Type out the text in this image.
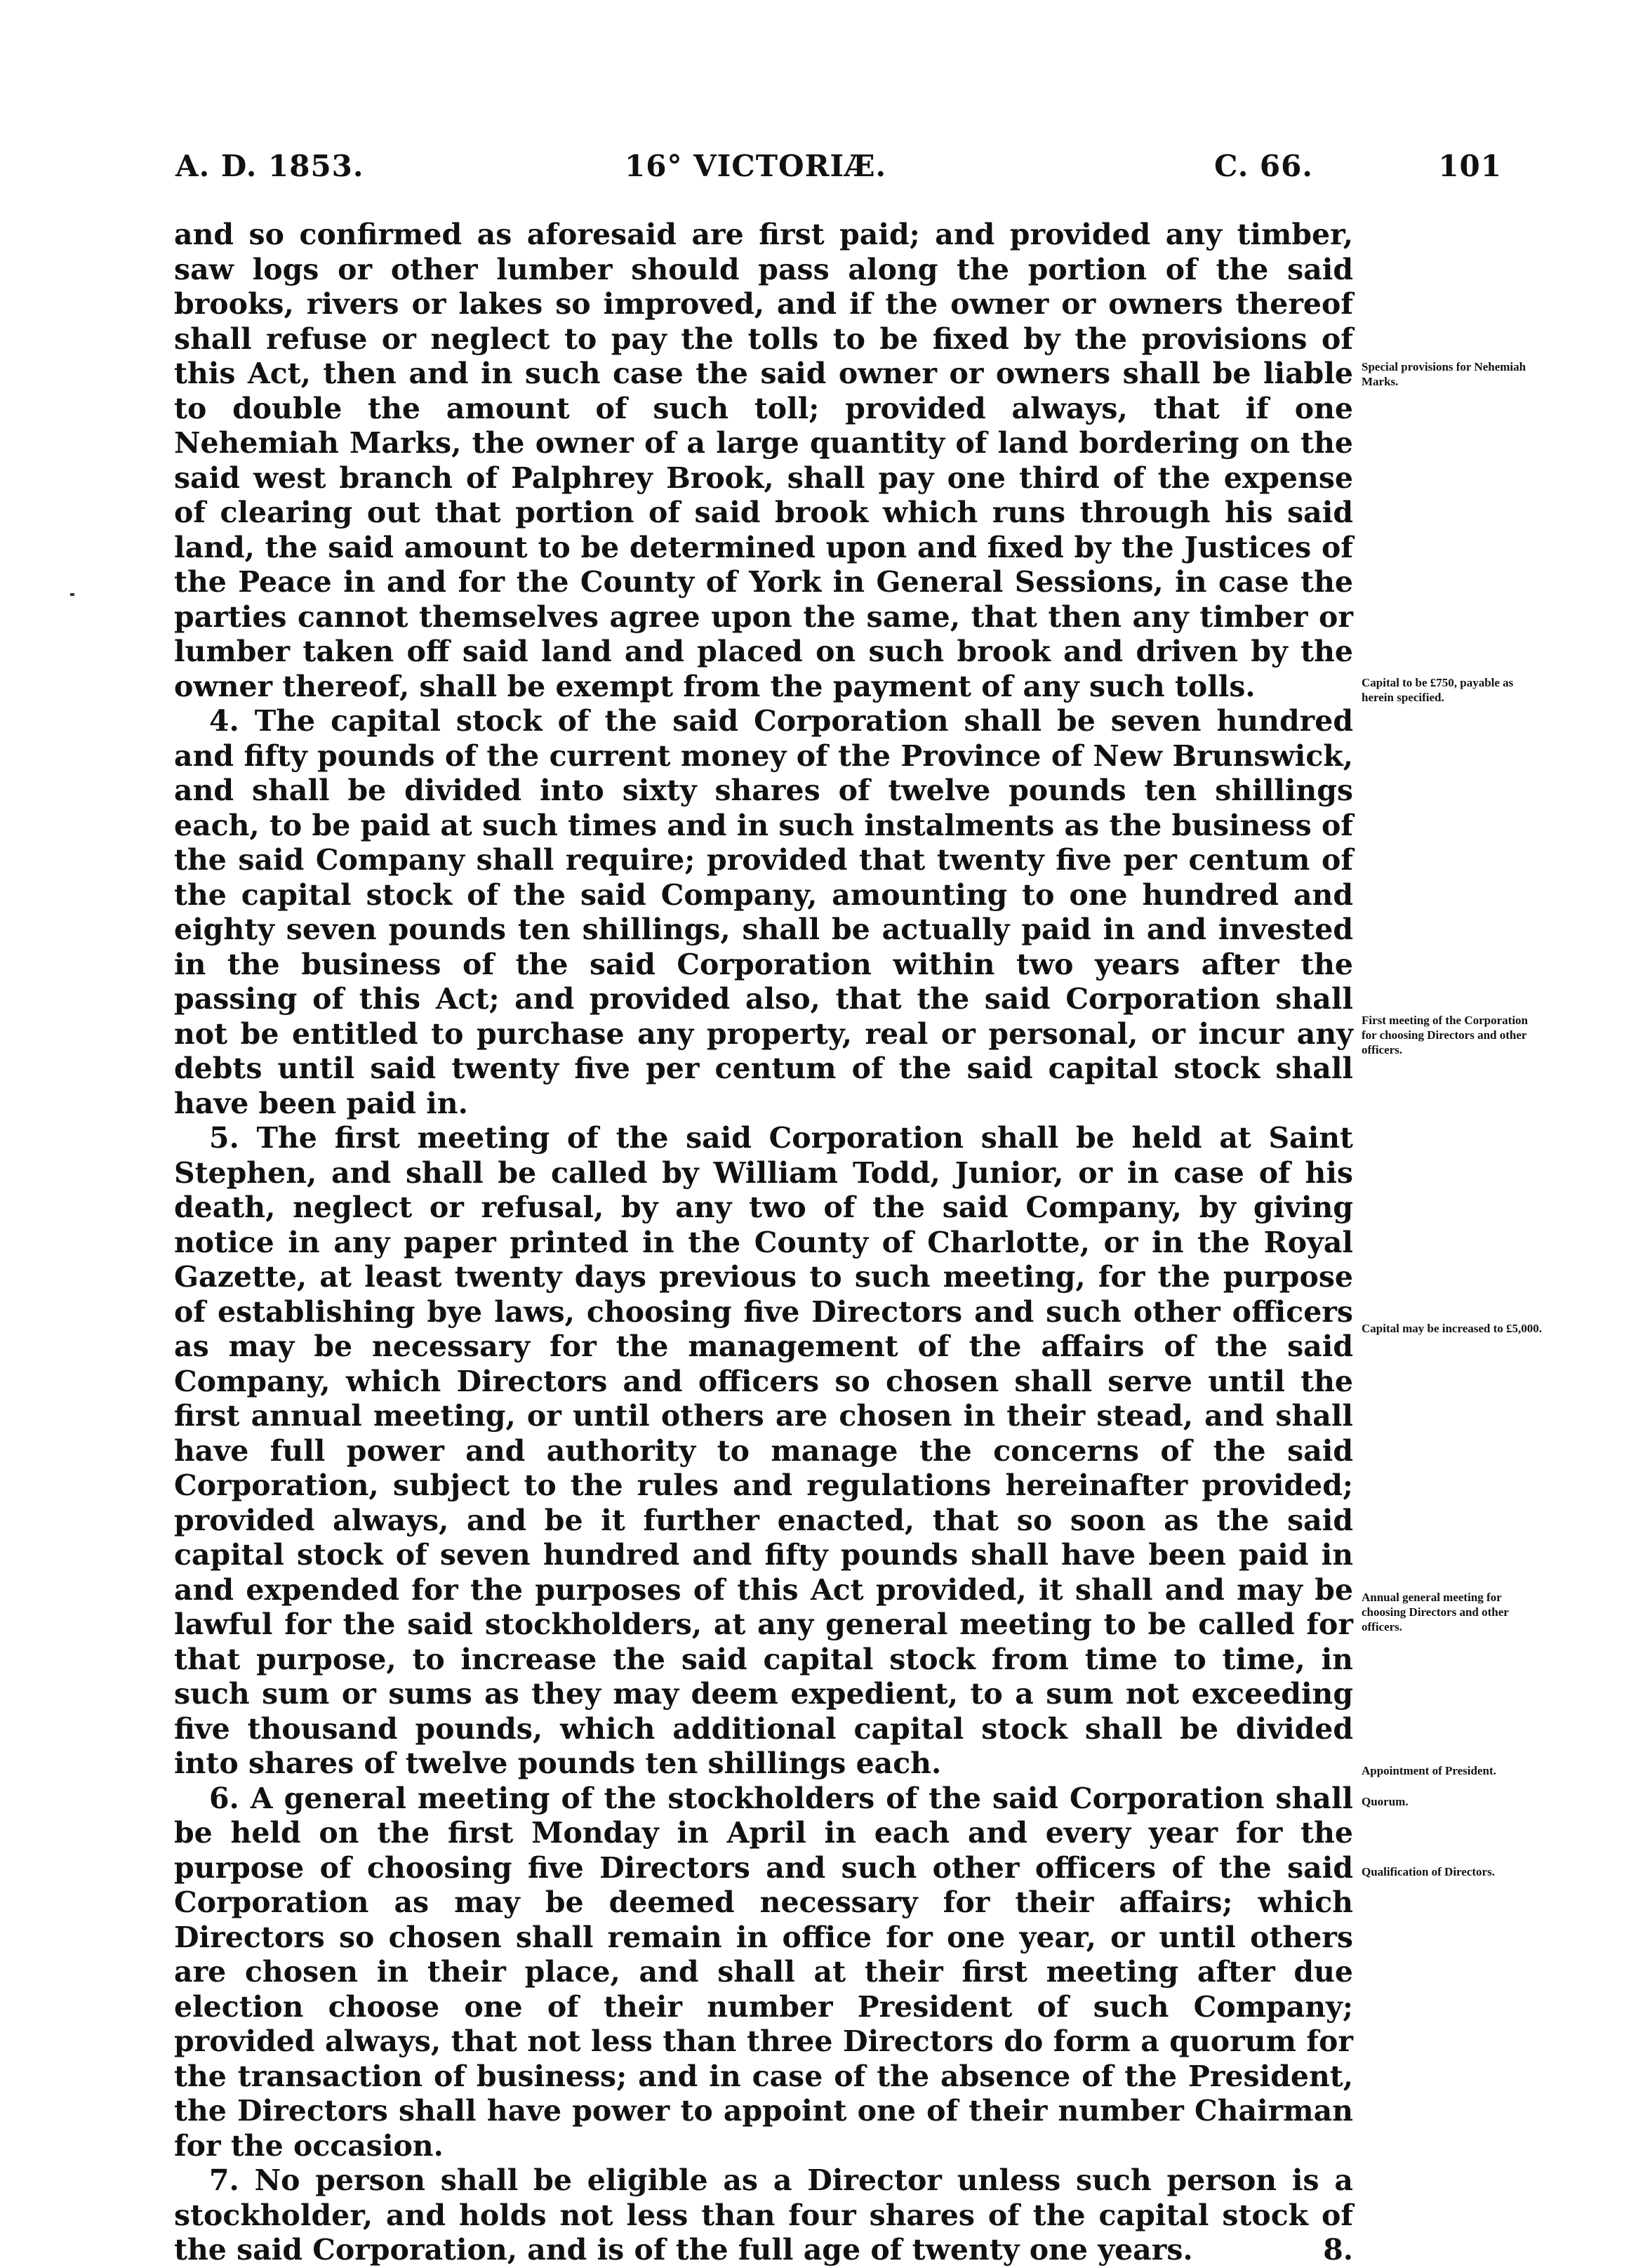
A. D. 1853.	16° VICTORIÆ.	C. 66.	101

and so confirmed as aforesaid are first paid; and provided any timber, saw logs or other lumber should pass along the portion of the said brooks, rivers or lakes so improved, and if the owner or owners thereof shall refuse or neglect to pay the tolls to be fixed by the provisions of this Act, then and in such case the said owner or owners shall be liable to double the amount of such toll; provided always, that if one Nehemiah Marks, the owner of a large quantity of land bordering on the said west branch of Palphrey Brook, shall pay one third of the expense of clearing out that portion of said brook which runs through his said land, the said amount to be determined upon and fixed by the Justices of the Peace in and for the County of York in General Sessions, in case the parties cannot themselves agree upon the same, that then any timber or lumber taken off said land and placed on such brook and driven by the owner thereof, shall be exempt from the payment of any such tolls.

4. The capital stock of the said Corporation shall be seven hundred and fifty pounds of the current money of the Province of New Brunswick, and shall be divided into sixty shares of twelve pounds ten shillings each, to be paid at such times and in such instalments as the business of the said Company shall require; provided that twenty five per centum of the capital stock of the said Company, amounting to one hundred and eighty seven pounds ten shillings, shall be actually paid in and invested in the business of the said Corporation within two years after the passing of this Act; and provided also, that the said Corporation shall not be entitled to purchase any property, real or personal, or incur any debts until said twenty five per centum of the said capital stock shall have been paid in.

5. The first meeting of the said Corporation shall be held at Saint Stephen, and shall be called by William Todd, Junior, or in case of his death, neglect or refusal, by any two of the said Company, by giving notice in any paper printed in the County of Charlotte, or in the Royal Gazette, at least twenty days previous to such meeting, for the purpose of establishing bye laws, choosing five Directors and such other officers as may be necessary for the management of the affairs of the said Company, which Directors and officers so chosen shall serve until the first annual meeting, or until others are chosen in their stead, and shall have full power and authority to manage the concerns of the said Corporation, subject to the rules and regulations hereinafter provided; provided always, and be it further enacted, that so soon as the said capital stock of seven hundred and fifty pounds shall have been paid in and expended for the purposes of this Act provided, it shall and may be lawful for the said stockholders, at any general meeting to be called for that purpose, to increase the said capital stock from time to time, in such sum or sums as they may deem expedient, to a sum not exceeding five thousand pounds, which additional capital stock shall be divided into shares of twelve pounds ten shillings each.

6. A general meeting of the stockholders of the said Corporation shall be held on the first Monday in April in each and every year for the purpose of choosing five Directors and such other officers of the said Corporation as may be deemed necessary for their affairs; which Directors so chosen shall remain in office for one year, or until others are chosen in their place, and shall at their first meeting after due election choose one of their number President of such Company; provided always, that not less than three Directors do form a quorum for the transaction of business; and in case of the absence of the President, the Directors shall have power to appoint one of their number Chairman for the occasion.

7. No person shall be eligible as a Director unless such person is a stockholder, and holds not less than four shares of the capital stock of the said Corporation, and is of the full age of twenty one years.	8.

Special provisions for Nehemiah Marks.
Capital to be £750, payable as herein specified.
First meeting of the Corporation for choosing Directors and other officers.
Capital may be increased to £5,000.
Annual general meeting for choosing Directors and other officers.
Appointment of President.
Quorum.
Qualification of Directors.
